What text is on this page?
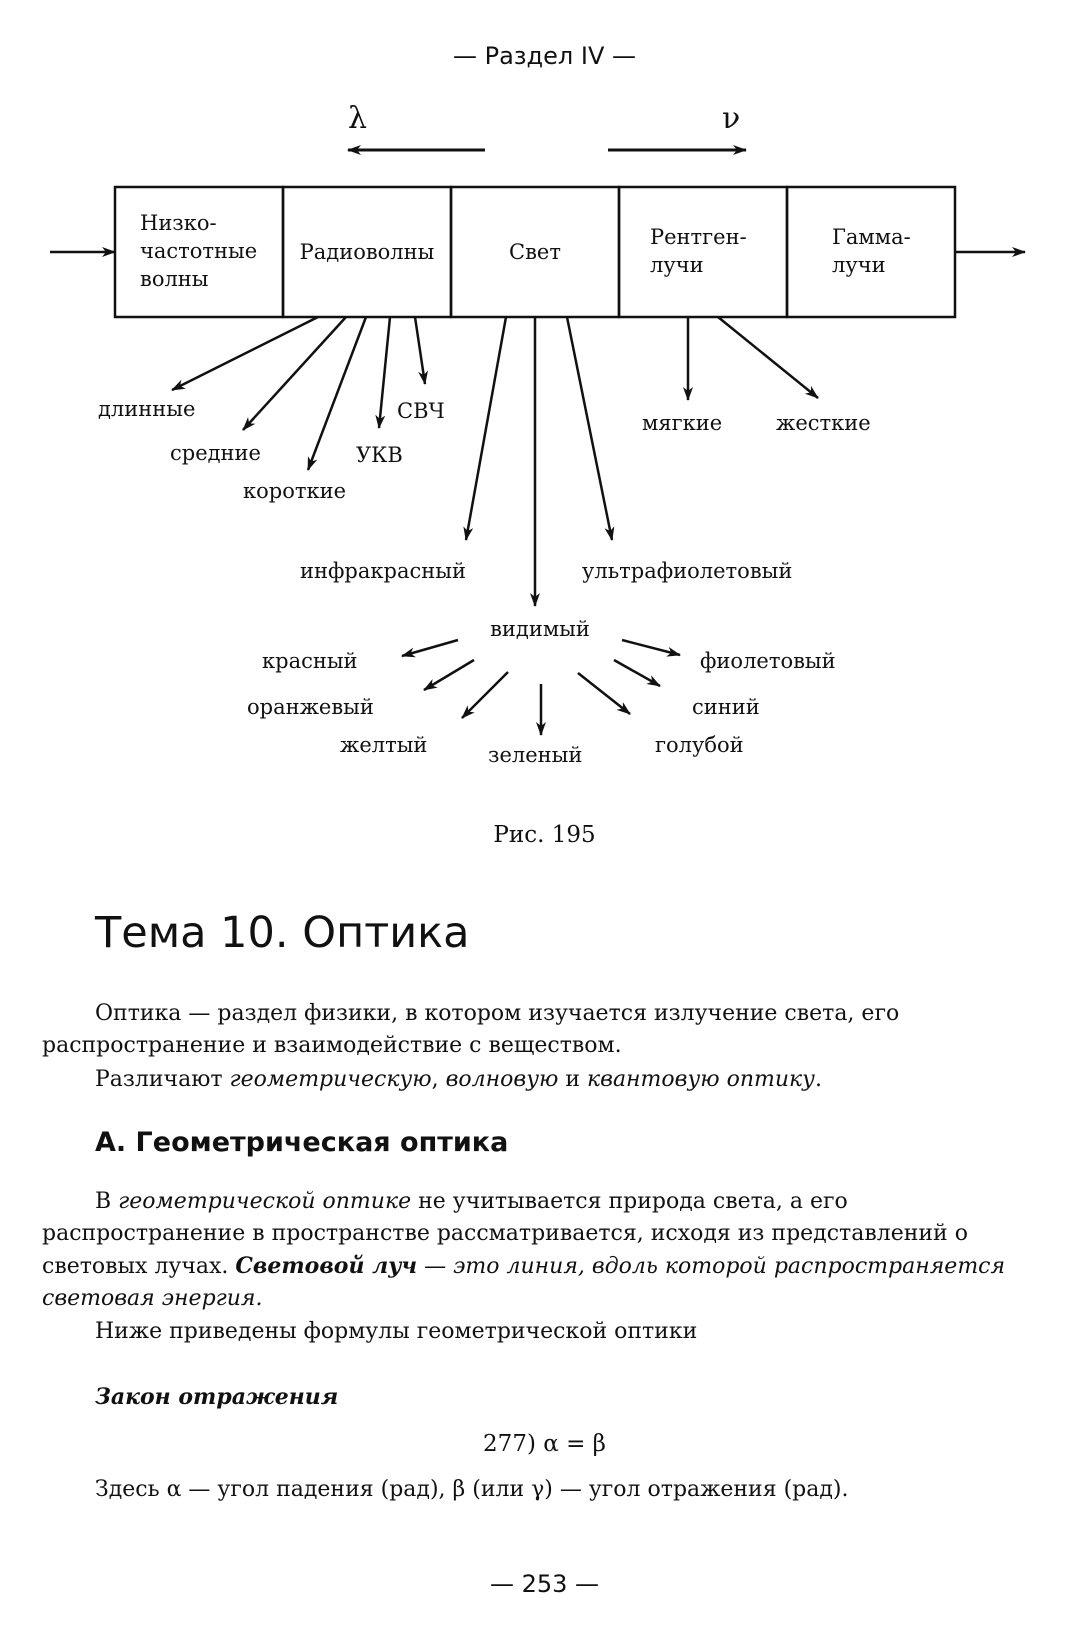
— Раздел IV —
λ	ν
Низко-
частотные
волны
Радиоволны	Свет
Рентген-
лучи
Гамма-
лучи
длинные
средние
короткие
УКВ
СВЧ
инфракрасный	ультрафиолетовый
видимый
мягкие	жесткие
красный
оранжевый
желтый	зеленый	голубой
синий
фиолетовый
Рис. 195
Тема 10. Оптика

Оптика — раздел физики, в котором изучается излучение света, его распространение и взаимодействие с веществом.

Различают геометрическую, волновую и квантовую оптику.

А. Геометрическая оптика

В геометрической оптике не учитывается природа света, а его распространение в пространстве рассматривается, исходя из представлений о световых лучах. Световой луч — это линия, вдоль которой распространяется световая энергия.

Ниже приведены формулы геометрической оптики

Закон отражения
277) α = β

Здесь α — угол падения (рад), β (или γ) — угол отражения (рад).

— 253 —
